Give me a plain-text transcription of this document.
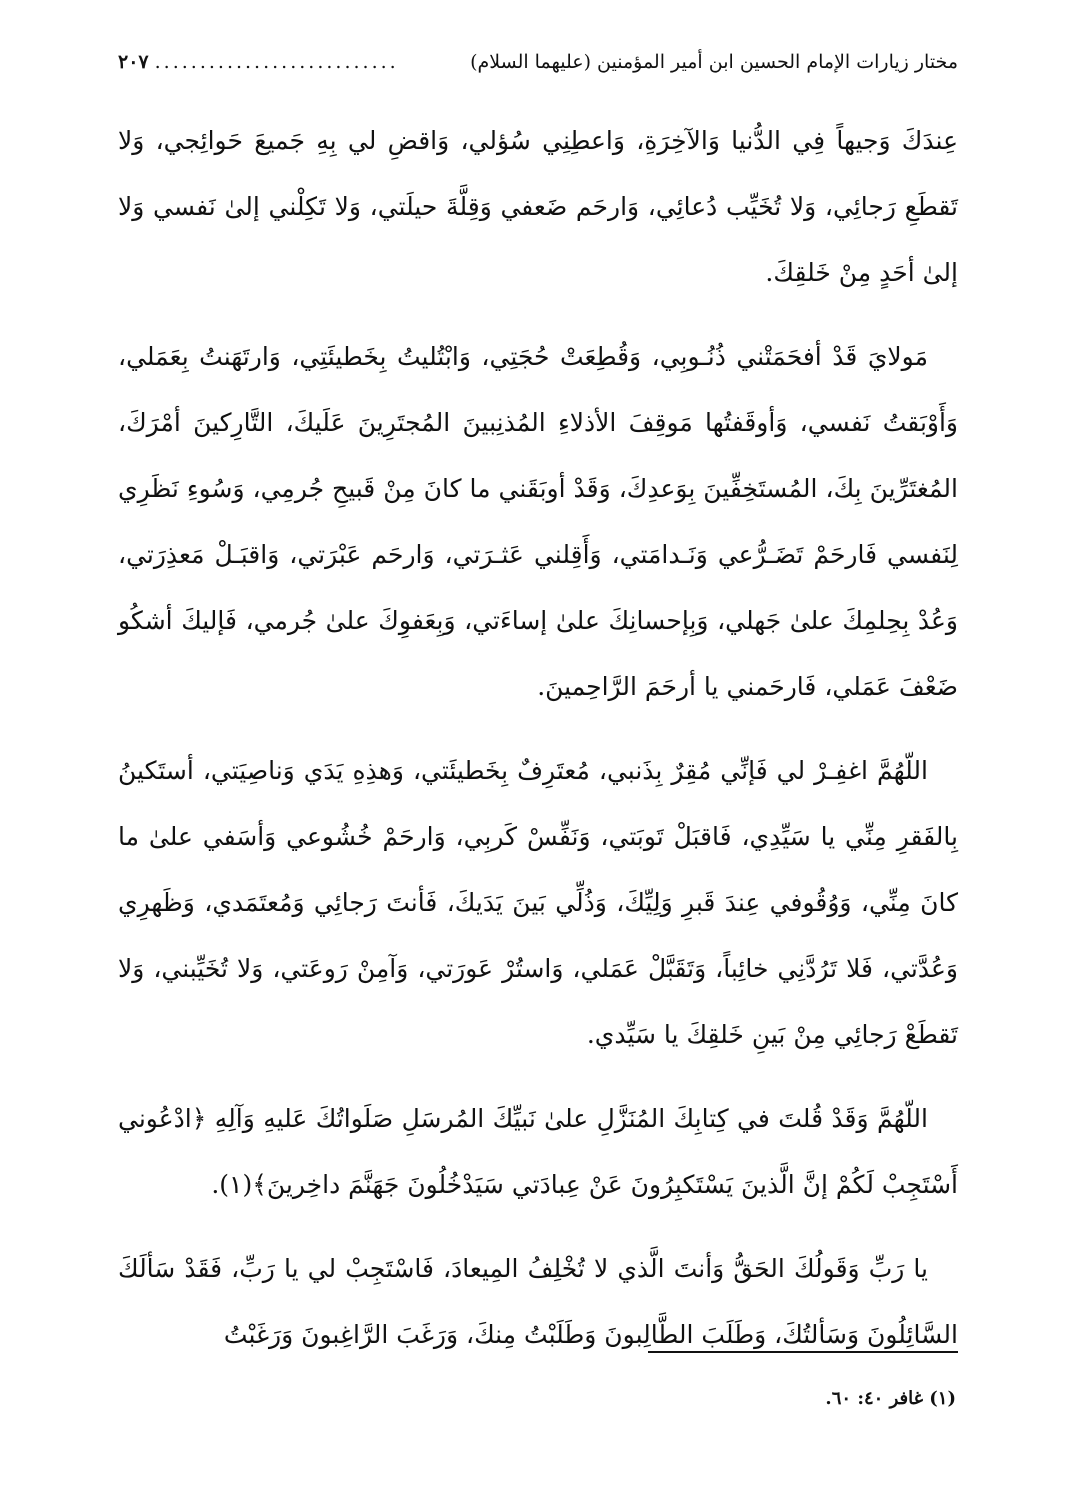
مختار زيارات الإمام الحسين ابن أمير المؤمنين (عليهما السلام)
...........................
٢٠٧

عِندَكَ وَجيهاً فِي الدُّنيا وَالآخِرَةِ، وَاعطِنِي سُؤلي، وَاقضِ لي بِهِ جَميعَ حَوائِجي، وَلا تَقطَعِ رَجائِي، وَلا تُخَيِّب دُعائِي، وَارحَم ضَعفي وَقِلَّةَ حيلَتي، وَلا تَكِلْني إلىٰ نَفسي وَلا إلىٰ أحَدٍ مِنْ خَلقِكَ.

مَولايَ قَدْ أفحَمَتْني ذُنُـوبِي، وَقُطِعَتْ حُجَتِي، وَابْتُليتُ بِخَطيئَتِي، وَارتَهَنتُ بِعَمَلي، وَأَوْبَقتُ نَفسي، وَأوقَفتُها مَوقِفَ الأذلاءِ المُذنِبينَ المُجتَرِينَ عَلَيكَ، التَّارِكينَ أمْرَكَ، المُغتَرِّينَ بِكَ، المُستَخِفِّينَ بِوَعدِكَ، وَقَدْ أوبَقَني ما كانَ مِنْ قَبيحِ جُرمِي، وَسُوءِ نَظَرِي لِنَفسي فَارحَمْ تَضَـرُّعي وَنَـدامَتي، وَأَقِلني عَثـرَتي، وَارحَم عَبْرَتي، وَاقبَـلْ مَعذِرَتي، وَعُدْ بِحِلمِكَ علىٰ جَهلي، وَبِإحسانِكَ علىٰ إساءَتي، وَبِعَفوِكَ علىٰ جُرمي، فَإليكَ أشكُو ضَعْفَ عَمَلي، فَارحَمني يا أرحَمَ الرَّاحِمينَ.

اللّهُمَّ اغفِـرْ لي فَإنِّي مُقِرٌ بِذَنبي، مُعتَرِفٌ بِخَطيئَتي، وَهذِهِ يَدَي وَناصِيَتي، أستَكينُ بِالفَقرِ مِنِّي يا سَيِّدِي، فَاقبَلْ تَوبَتي، وَنَفِّسْ كَربِي، وَارحَمْ خُشُوعي وَأسَفي علىٰ ما كانَ مِنِّي، وَوُقُوفي عِندَ قَبرِ وَلِيِّكَ، وَذُلِّي بَينَ يَدَيكَ، فَأنتَ رَجائِي وَمُعتَمَدي، وَظَهرِي وَعُدَّتي، فَلا تَرُدَّنِي خائِباً، وَتَقَبَّلْ عَمَلي، وَاستُرْ عَورَتي، وَآمِنْ رَوعَتي، وَلا تُخَيِّبني، وَلا تَقطَعْ رَجائِي مِنْ بَينِ خَلقِكَ يا سَيِّدي.

اللّهُمَّ وَقَدْ قُلتَ في كِتابِكَ المُنَزَّلِ علىٰ نَبيِّكَ المُرسَلِ صَلَواتُكَ عَليهِ وَآلِهِ ﴿ادْعُوني أَسْتَجِبْ لَكُمْ إنَّ الَّذينَ يَسْتَكبِرُونَ عَنْ عِبادَتي سَيَدْخُلُونَ جَهَنَّمَ داخِرينَ﴾(١).

يا رَبِّ وَقَولُكَ الحَقُّ وَأنتَ الَّذي لا تُخْلِفُ المِيعادَ، فَاسْتَجِبْ لي يا رَبِّ، فَقَدْ سَألَكَ السَّائِلُونَ وَسَألتُكَ، وَطَلَبَ الطَّالِبونَ وَطَلَبْتُ مِنكَ، وَرَغَبَ الرَّاغِبونَ وَرَغَبْتُ

(١) غافر ٤٠: ٦٠.
